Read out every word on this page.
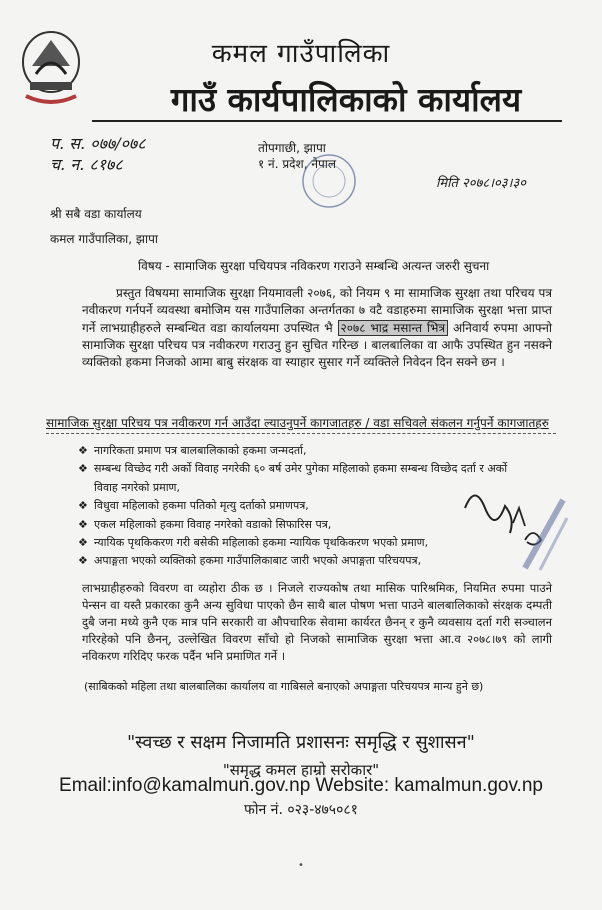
कमल गाउँपालिका
गाउँ कार्यपालिकाको कार्यालय
प. स. ०७७/०७८
च. न. ८१७८
तोपगाछी, झापा
१ नं. प्रदेश, नेपाल
मिति २०७८।०३।३०
श्री सबै वडा कार्यालय
कमल गाउँपालिका, झापा
विषय - सामाजिक सुरक्षा पचियपत्र नविकरण गराउने सम्बन्धि अत्यन्त जरुरी सुचना

प्रस्तुत विषयमा सामाजिक सुरक्षा नियमावली २०७६, को नियम ९ मा सामाजिक सुरक्षा तथा परिचय पत्र नवीकरण गर्नपर्ने व्यवस्था बमोजिम यस गाउँपालिका अन्तर्गतका ७ वटै वडाहरुमा सामाजिक सुरक्षा भत्ता प्राप्त गर्ने लाभग्राहीहरुले सम्बन्धित वडा कार्यालयमा उपस्थित भै २०७८ भाद्र मसान्त भित्र अनिवार्य रुपमा आफ्नो सामाजिक सुरक्षा परिचय पत्र नवीकरण गराउनु हुन सुचित गरिन्छ । बालबालिका वा आफै उपस्थित हुन नसक्ने व्यक्तिको हकमा निजको आमा बाबु संरक्षक वा स्याहार सुसार गर्ने व्यक्तिले निवेदन दिन सक्ने छन ।

सामाजिक सुरक्षा परिचय पत्र नवीकरण गर्न आउँदा ल्याउनुपर्ने कागजातहरु / वडा सचिवले संकलन गर्नुपर्ने कागजातहरु
❖ नागरिकता प्रमाण पत्र बालबालिकाको हकमा जन्मदर्ता,
❖ सम्बन्ध विच्छेद गरी अर्को विवाह नगरेकी ६० बर्ष उमेर पुगेका महिलाको हकमा सम्बन्ध विच्छेद दर्ता र अर्को
विवाह नगरेको प्रमाण,
❖ विधुवा महिलाको हकमा पतिको मृत्यु दर्ताको प्रमाणपत्र,
❖ एकल महिलाको हकमा विवाह नगरेको वडाको सिफारिस पत्र,
❖ न्यायिक पृथकिकरण गरी बसेकी महिलाको हकमा न्यायिक पृथकिकरण भएको प्रमाण,
❖ अपाङ्गता भएको व्यक्तिको हकमा गाउँपालिकाबाट जारी भएको अपाङ्गता परिचयपत्र,
लाभग्राहीहरुको विवरण वा व्यहोरा ठीक छ । निजले राज्यकोष तथा मासिक पारिश्रमिक, नियमित रुपमा पाउने पेन्सन वा यस्तै प्रकारका कुनै अन्य सुविधा पाएको छैन साथै बाल पोषण भत्ता पाउने बालबालिकाको संरक्षक दम्पती दुबै जना मध्ये कुनै एक मात्र पनि सरकारी वा औपचारिक सेवामा कार्यरत छैनन् र कुनै व्यवसाय दर्ता गरी सञ्चालन गरिरहेको पनि छैनन्, उल्लेखित विवरण साँचो हो निजको सामाजिक सुरक्षा भत्ता आ.व २०७८।७९ को लागी नविकरण गरिदिए फरक पर्दैन भनि प्रमाणित गर्ने ।
(साबिकको महिला तथा बालबालिका कार्यालय वा गाबिसले बनाएको अपाङ्गता परिचयपत्र मान्य हुने छ)
"स्वच्छ र सक्षम निजामति प्रशासनः समृद्धि र सुशासन"
"समृद्ध कमल हाम्रो सरोकार"
Email:info@kamalmun.gov.np Website: kamalmun.gov.np
फोन नं. ०२३-४७५०८१
•
